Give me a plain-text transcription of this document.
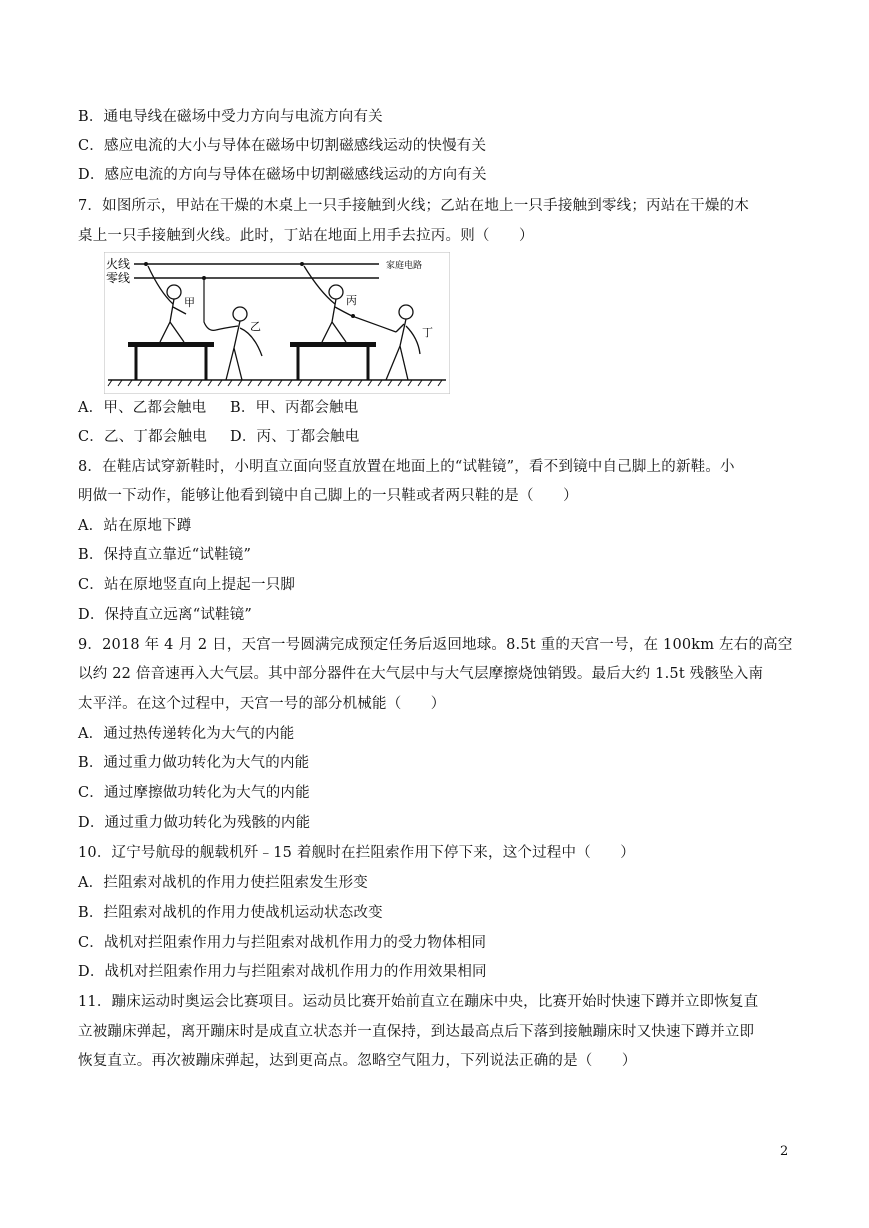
B．通电导线在磁场中受力方向与电流方向有关
C．感应电流的大小与导体在磁场中切割磁感线运动的快慢有关
D．感应电流的方向与导体在磁场中切割磁感线运动的方向有关
7．如图所示，甲站在干燥的木桌上一只手接触到火线；乙站在地上一只手接触到零线；丙站在干燥的木
桌上一只手接触到火线。此时，丁站在地面上用手去拉丙。则（　　）
火线
零线
家庭电路
甲
乙
丙
丁
A．甲、乙都会触电 B．甲、丙都会触电
C．乙、丁都会触电 D．丙、丁都会触电
8．在鞋店试穿新鞋时，小明直立面向竖直放置在地面上的“试鞋镜”，看不到镜中自己脚上的新鞋。小
明做一下动作，能够让他看到镜中自己脚上的一只鞋或者两只鞋的是（　　）
A．站在原地下蹲
B．保持直立靠近“试鞋镜”
C．站在原地竖直向上提起一只脚
D．保持直立远离“试鞋镜”
9．2018 年 4 月 2 日，天宫一号圆满完成预定任务后返回地球。8.5t 重的天宫一号，在 100km 左右的高空
以约 22 倍音速再入大气层。其中部分器件在大气层中与大气层摩擦烧蚀销毁。最后大约 1.5t 残骸坠入南
太平洋。在这个过程中，天宫一号的部分机械能（　　）
A．通过热传递转化为大气的内能
B．通过重力做功转化为大气的内能
C．通过摩擦做功转化为大气的内能
D．通过重力做功转化为残骸的内能
10．辽宁号航母的舰载机歼﹣15 着舰时在拦阻索作用下停下来，这个过程中（　　）
A．拦阻索对战机的作用力使拦阻索发生形变
B．拦阻索对战机的作用力使战机运动状态改变
C．战机对拦阻索作用力与拦阻索对战机作用力的受力物体相同
D．战机对拦阻索作用力与拦阻索对战机作用力的作用效果相同
11．蹦床运动时奥运会比赛项目。运动员比赛开始前直立在蹦床中央，比赛开始时快速下蹲并立即恢复直
立被蹦床弹起，离开蹦床时是成直立状态并一直保持，到达最高点后下落到接触蹦床时又快速下蹲并立即
恢复直立。再次被蹦床弹起，达到更高点。忽略空气阻力，下列说法正确的是（　　）
2
